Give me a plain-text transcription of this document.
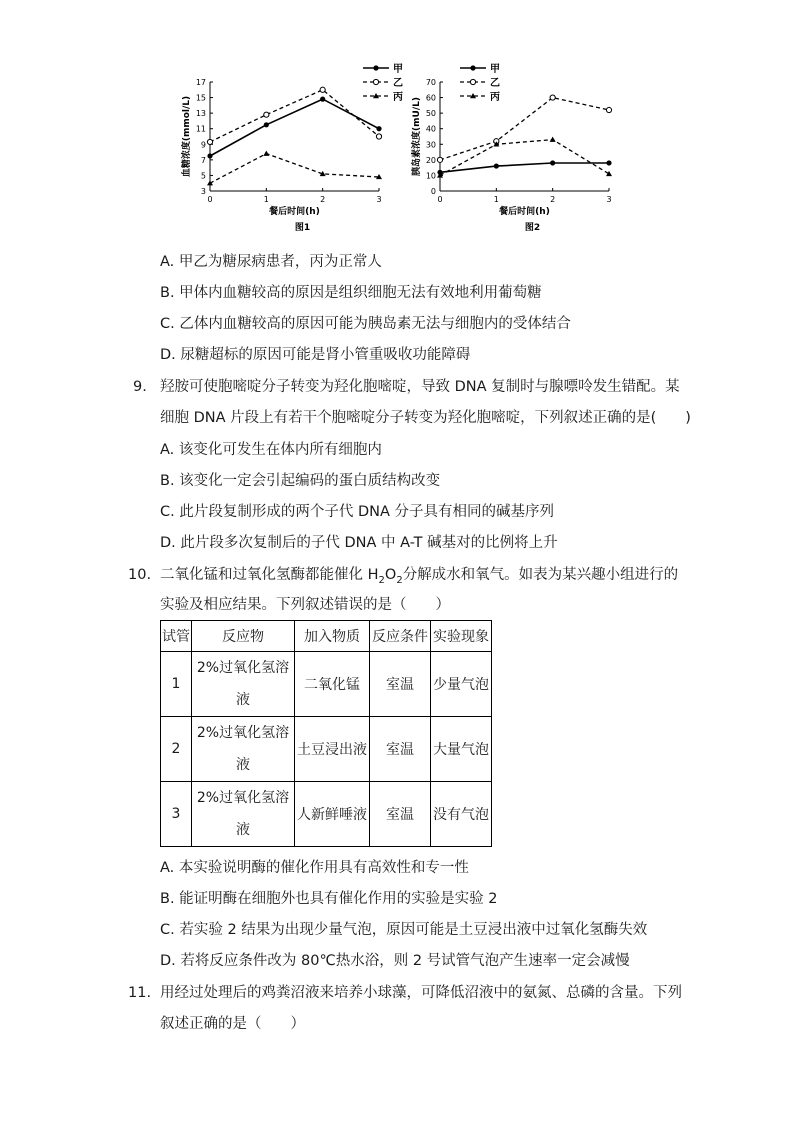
3
5
7
9
11
13
15
17
0	1	2	3
餐后时间(h)
血糖浓度(mmol/L)
图1
甲
乙
丙
0
10
20
30
40
50
60
70
0	1	2	3
餐后时间(h)
胰岛素浓度(mU/L)
图2
甲
乙
丙
A. 甲乙为糖尿病患者，丙为正常人
B. 甲体内血糖较高的原因是组织细胞无法有效地利用葡萄糖
C. 乙体内血糖较高的原因可能为胰岛素无法与细胞内的受体结合
D. 尿糖超标的原因可能是肾小管重吸收功能障碍
9. 羟胺可使胞嘧啶分子转变为羟化胞嘧啶，导致 DNA 复制时与腺嘌呤发生错配。某
细胞 DNA 片段上有若干个胞嘧啶分子转变为羟化胞嘧啶，下列叙述正确的是(　　)
A. 该变化可发生在体内所有细胞内
B. 该变化一定会引起编码的蛋白质结构改变
C. 此片段复制形成的两个子代 DNA 分子具有相同的碱基序列
D. 此片段多次复制后的子代 DNA 中 A-T 碱基对的比例将上升
10. 二氧化锰和过氧化氢酶都能催化 $H_2O_2$分解成水和氧气。如表为某兴趣小组进行的
实验及相应结果。下列叙述错误的是（　　）
试管	反应物	加入物质	反应条件	实验现象
1	2%过氧化氢溶
液	二氧化锰	室温	少量气泡
2	2%过氧化氢溶
液	土豆浸出液	室温	大量气泡
3	2%过氧化氢溶
液	人新鲜唾液	室温	没有气泡
A. 本实验说明酶的催化作用具有高效性和专一性
B. 能证明酶在细胞外也具有催化作用的实验是实验 2
C. 若实验 2 结果为出现少量气泡，原因可能是土豆浸出液中过氧化氢酶失效
D. 若将反应条件改为 80℃热水浴，则 2 号试管气泡产生速率一定会减慢
11. 用经过处理后的鸡粪沼液来培养小球藻，可降低沼液中的氨氮、总磷的含量。下列
叙述正确的是（　　）
